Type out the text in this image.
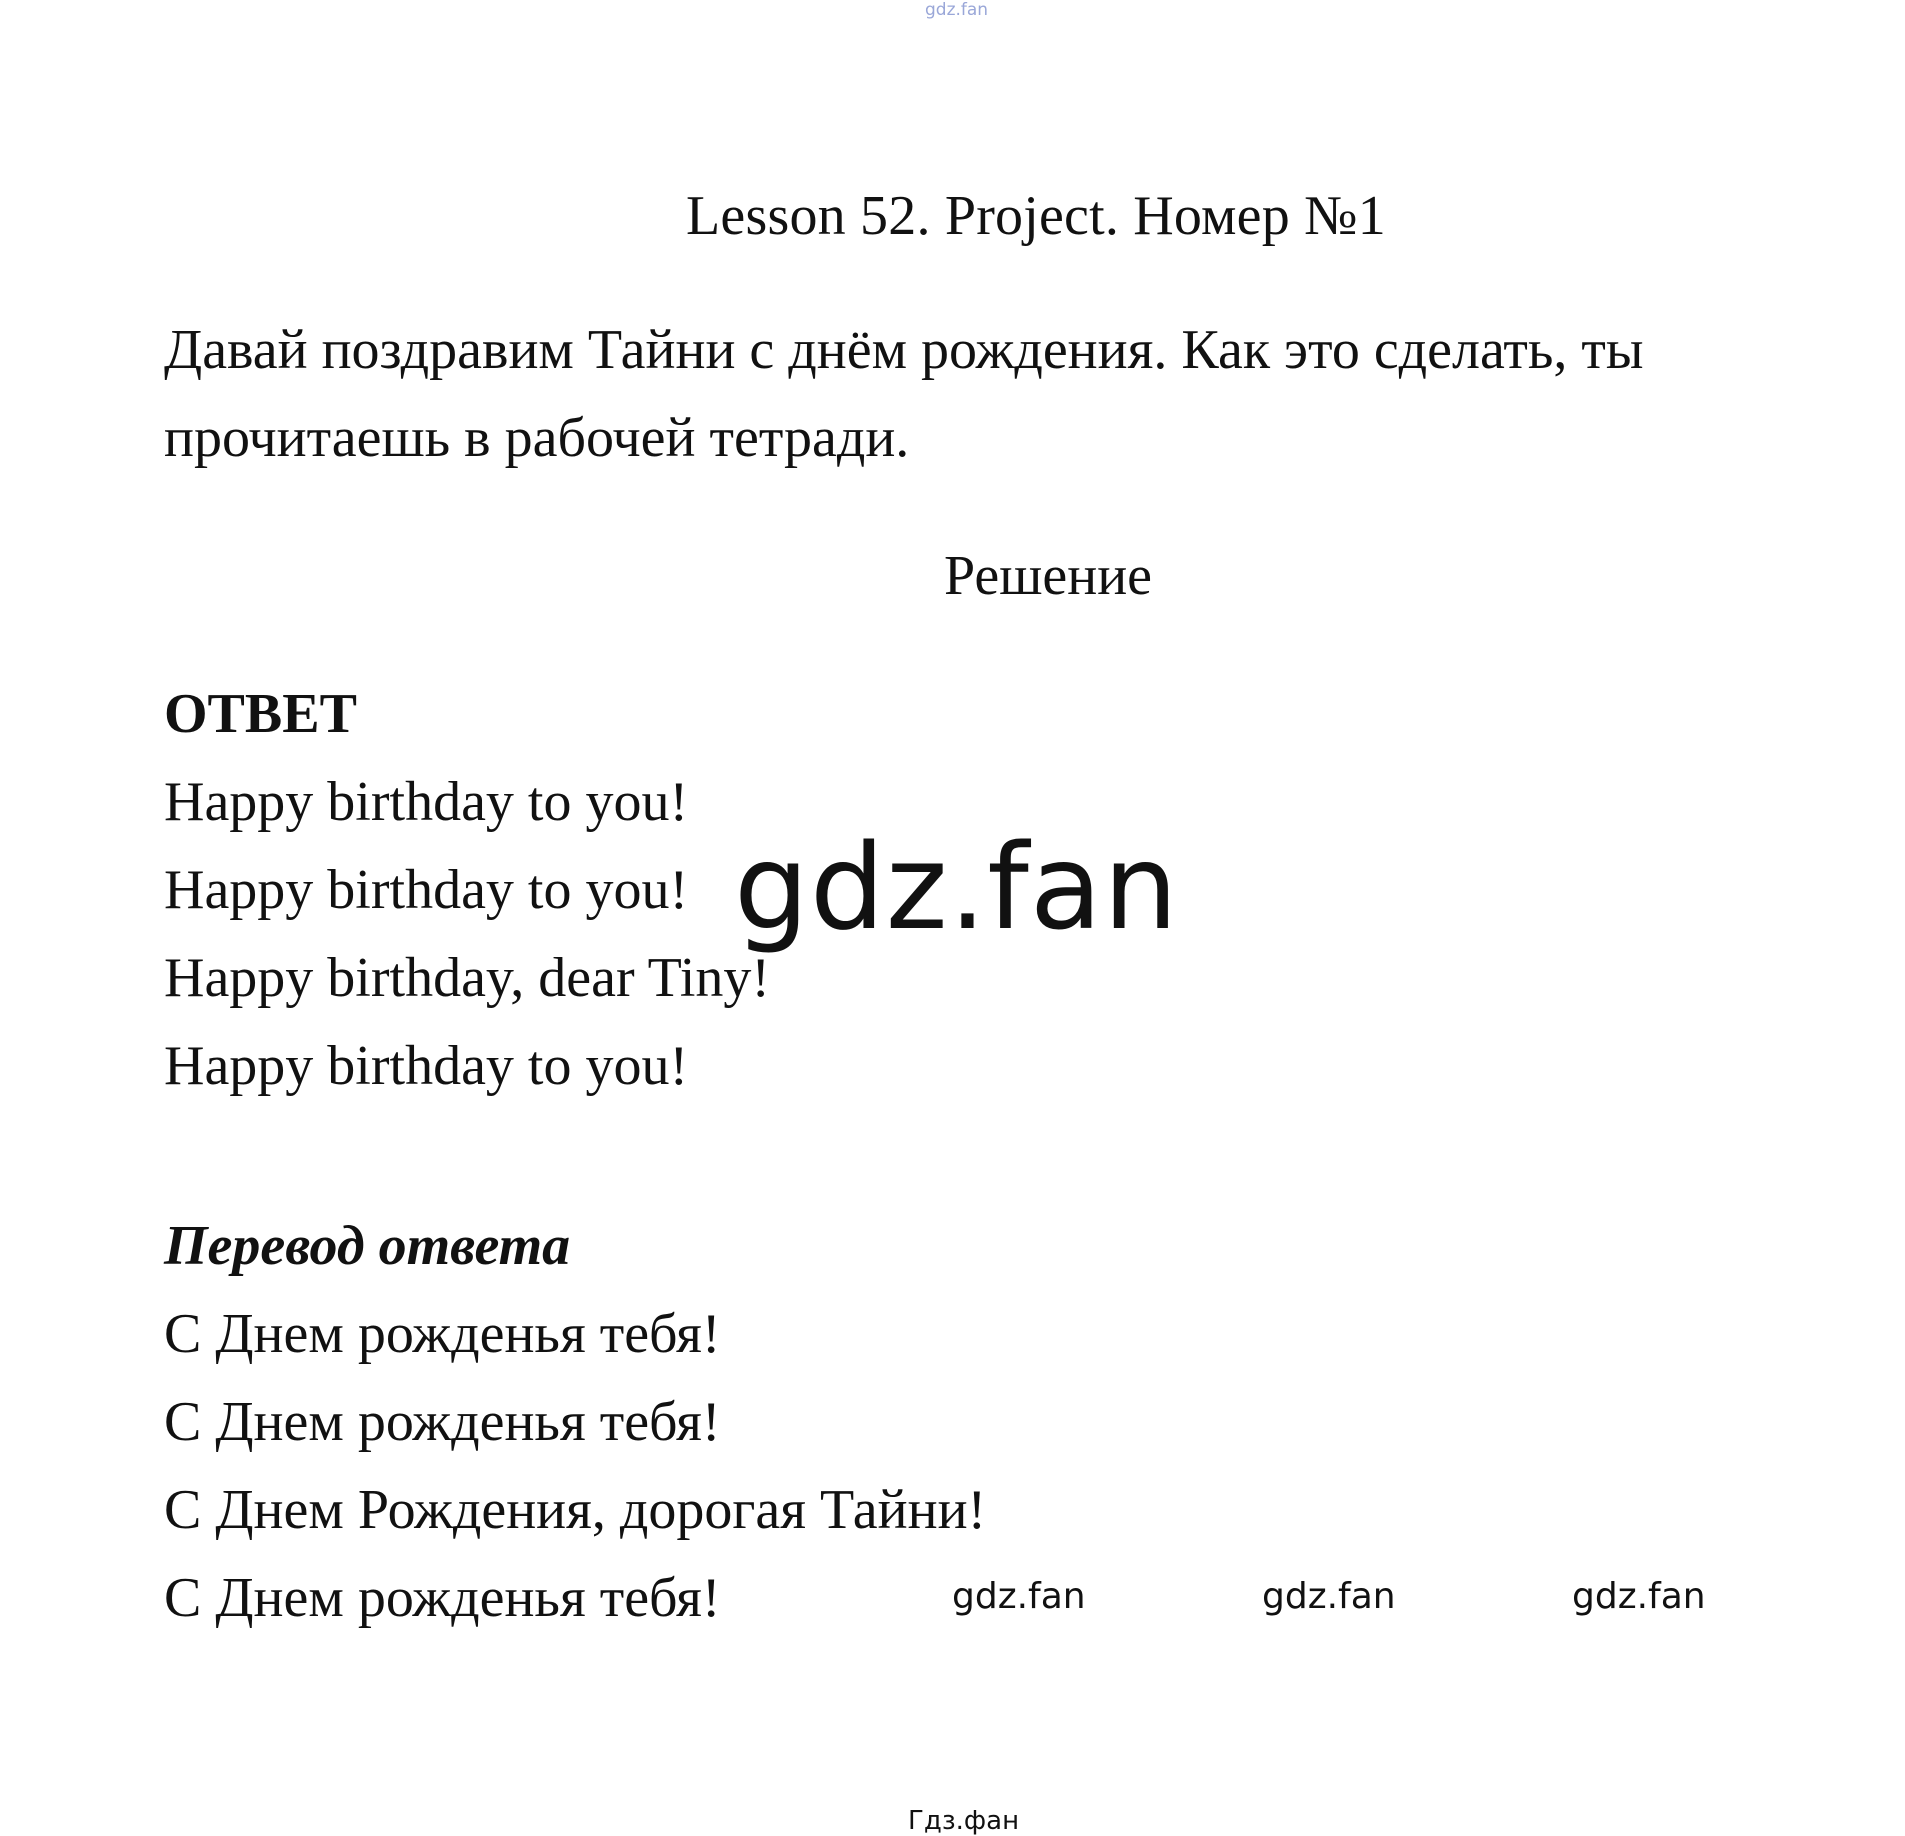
gdz.fan
Lesson 52. Project. Номер №1
Давай поздравим Тайни с днём рождения. Как это сделать, ты
прочитаешь в рабочей тетради.
Решение
ОТВЕТ
Happy birthday to you!
Happy birthday to you!
Happy birthday, dear Tiny!
Happy birthday to you!
gdz.fan
Перевод ответа
С Днем рожденья тебя!
С Днем рожденья тебя!
С Днем Рождения, дорогая Тайни!
С Днем рожденья тебя!	gdz.fan	gdz.fan	gdz.fan
Гдз.фан
